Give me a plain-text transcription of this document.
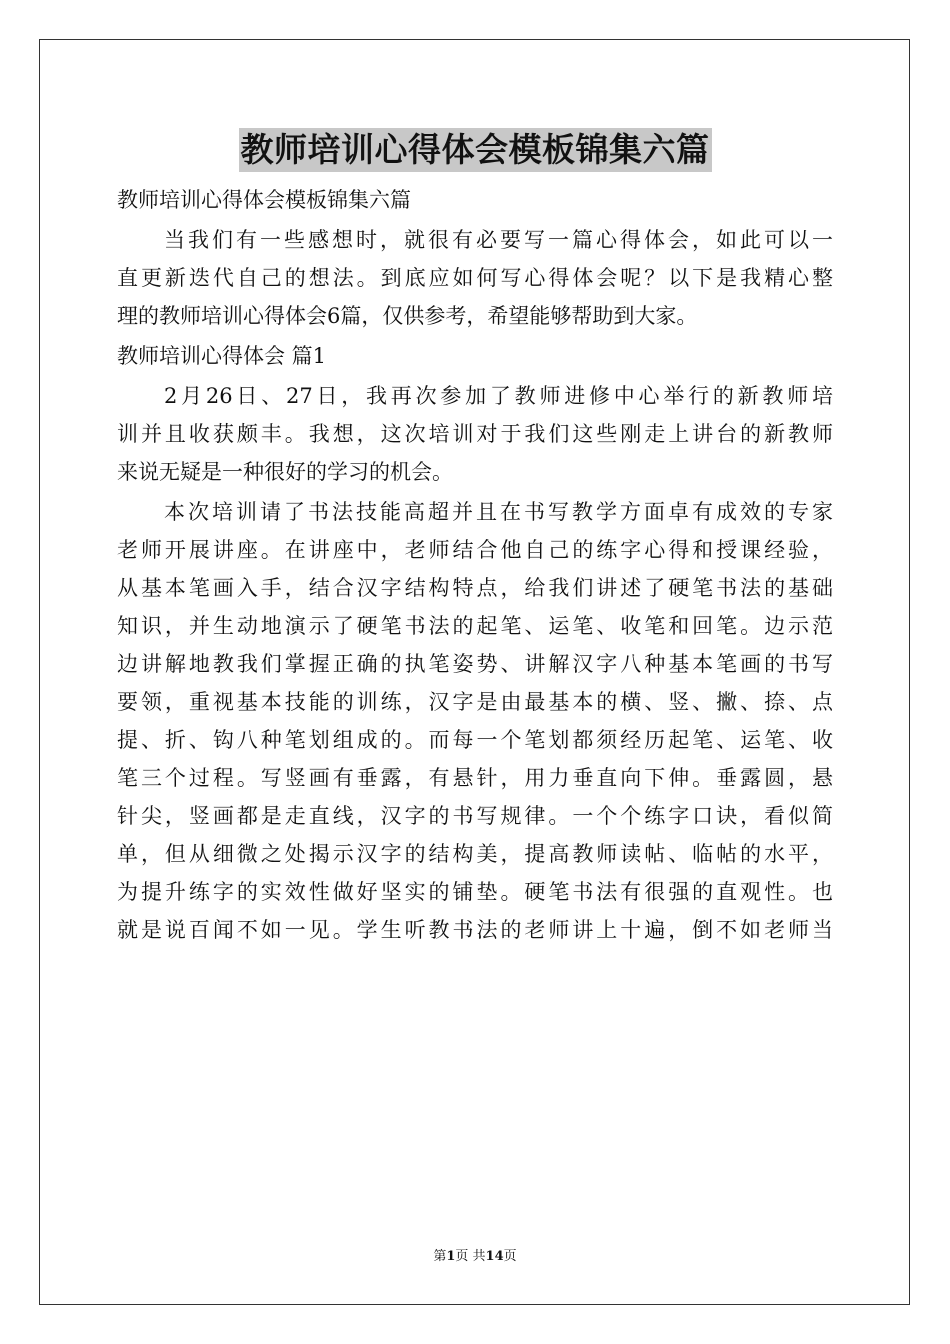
教师培训心得体会模板锦集六篇
教师培训心得体会模板锦集六篇
当我们有一些感想时，就很有必要写一篇心得体会，如此可以一
直更新迭代自己的想法。到底应如何写心得体会呢？以下是我精心整
理的教师培训心得体会6篇，仅供参考，希望能够帮助到大家。
教师培训心得体会 篇1
2月26日、27日，我再次参加了教师进修中心举行的新教师培
训并且收获颇丰。我想，这次培训对于我们这些刚走上讲台的新教师
来说无疑是一种很好的学习的机会。
本次培训请了书法技能高超并且在书写教学方面卓有成效的专家
老师开展讲座。在讲座中，老师结合他自己的练字心得和授课经验，
从基本笔画入手，结合汉字结构特点，给我们讲述了硬笔书法的基础
知识，并生动地演示了硬笔书法的起笔、运笔、收笔和回笔。边示范
边讲解地教我们掌握正确的执笔姿势、讲解汉字八种基本笔画的书写
要领，重视基本技能的训练，汉字是由最基本的横、竖、撇、捺、点
提、折、钩八种笔划组成的。而每一个笔划都须经历起笔、运笔、收
笔三个过程。写竖画有垂露，有悬针，用力垂直向下伸。垂露圆，悬
针尖，竖画都是走直线，汉字的书写规律。一个个练字口诀，看似简
单，但从细微之处揭示汉字的结构美，提高教师读帖、临帖的水平，
为提升练字的实效性做好坚实的铺垫。硬笔书法有很强的直观性。也
就是说百闻不如一见。学生听教书法的老师讲上十遍，倒不如老师当
第1页 共14页
